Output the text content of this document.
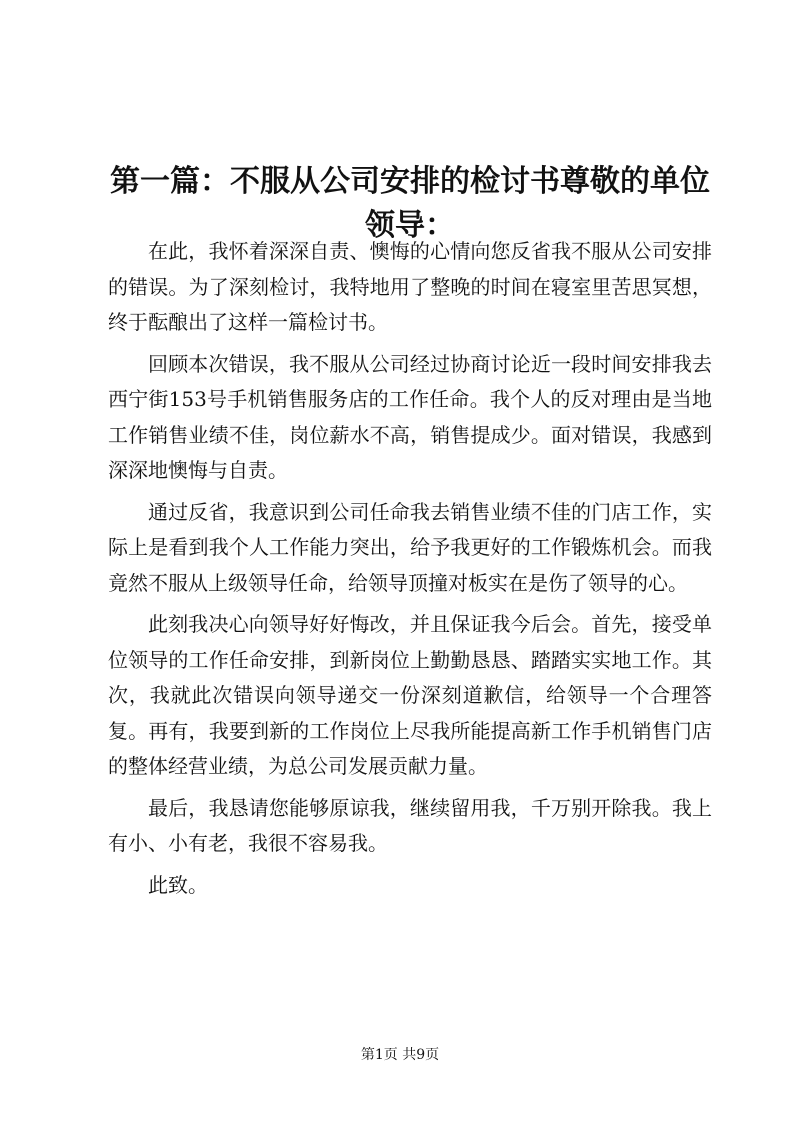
第一篇：不服从公司安排的检讨书尊敬的单位
领导：

在此，我怀着深深自责、懊悔的心情向您反省我不服从公司安排的错误。为了深刻检讨，我特地用了整晚的时间在寝室里苦思冥想，终于酝酿出了这样一篇检讨书。

回顾本次错误，我不服从公司经过协商讨论近一段时间安排我去西宁街153号手机销售服务店的工作任命。我个人的反对理由是当地工作销售业绩不佳，岗位薪水不高，销售提成少。面对错误，我感到深深地懊悔与自责。

通过反省，我意识到公司任命我去销售业绩不佳的门店工作，实际上是看到我个人工作能力突出，给予我更好的工作锻炼机会。而我竟然不服从上级领导任命，给领导顶撞对板实在是伤了领导的心。

此刻我决心向领导好好悔改，并且保证我今后会。首先，接受单位领导的工作任命安排，到新岗位上勤勤恳恳、踏踏实实地工作。其次，我就此次错误向领导递交一份深刻道歉信，给领导一个合理答复。再有，我要到新的工作岗位上尽我所能提高新工作手机销售门店的整体经营业绩，为总公司发展贡献力量。

最后，我恳请您能够原谅我，继续留用我，千万别开除我。我上有小、小有老，我很不容易我。

此致。

第1页 共9页
